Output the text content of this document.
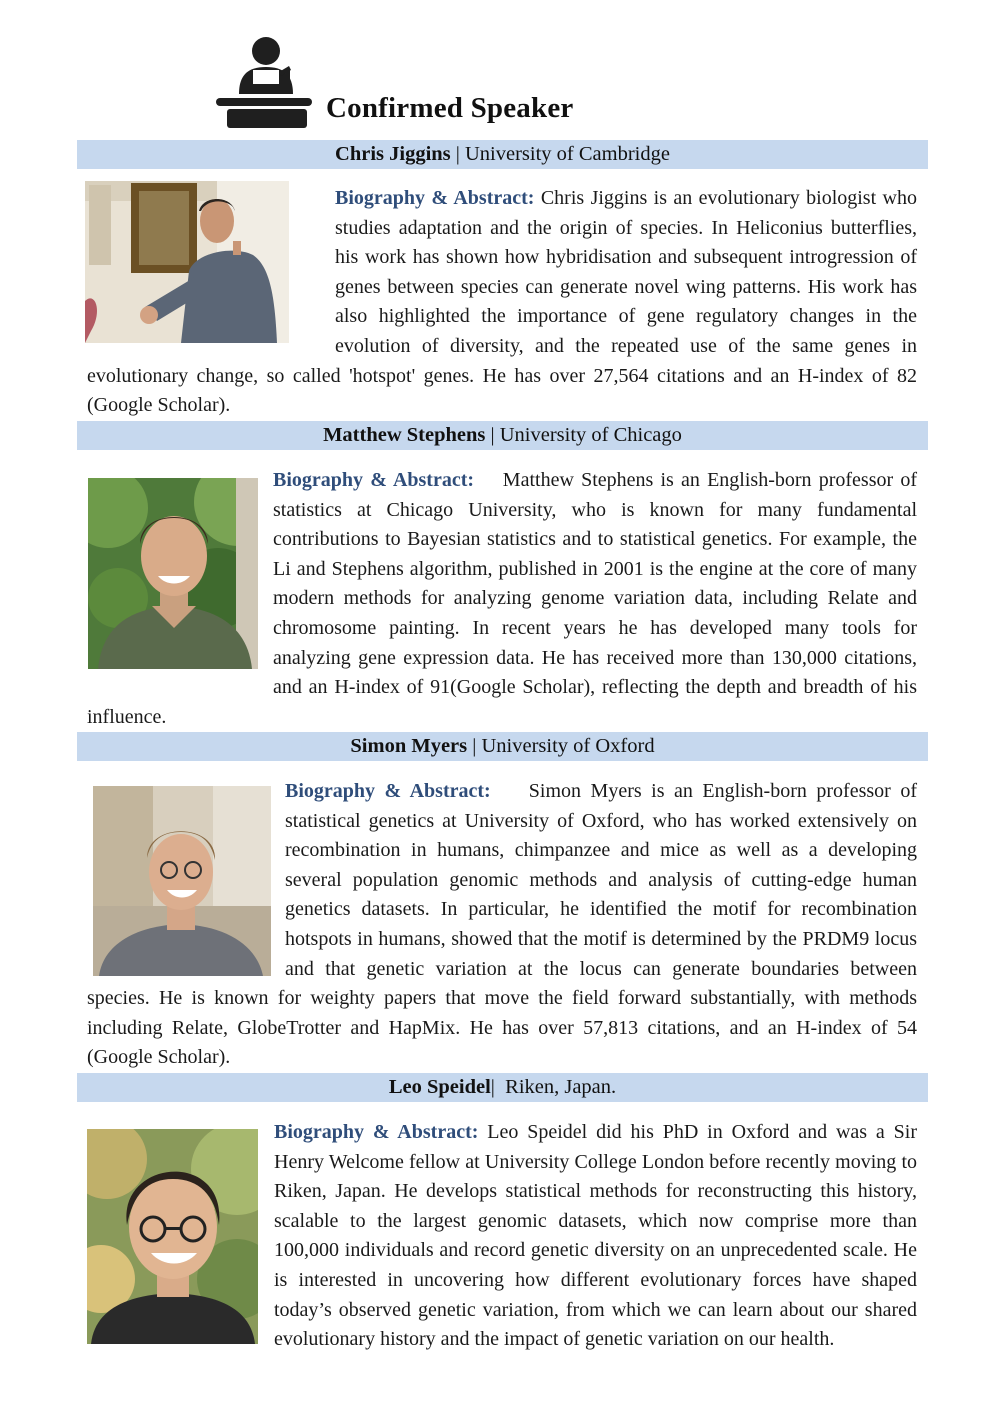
Confirmed Speaker
Chris Jiggins | University of Cambridge
Biography & Abstract: Chris Jiggins is an evolutionary biologist who studies adaptation and the origin of species. In Heliconius butterflies, his work has shown how hybridisation and subsequent introgression of genes between species can generate novel wing patterns. His work has also highlighted the importance of gene regulatory changes in the evolution of diversity, and the repeated use of the same genes in evolutionary change, so called 'hotspot' genes. He has over 27,564 citations and an H-index of 82 (Google Scholar).
Matthew Stephens | University of Chicago
Biography & Abstract:    Matthew Stephens is an English-born professor of statistics at Chicago University, who is known for many fundamental contributions to Bayesian statistics and to statistical genetics. For example, the Li and Stephens algorithm, published in 2001 is the engine at the core of many modern methods for analyzing genome variation data, including Relate and chromosome painting. In recent years he has developed many tools for analyzing gene expression data. He has received more than 130,000 citations, and an H-index of 91(Google Scholar), reflecting the depth and breadth of his influence.
Simon Myers | University of Oxford
Biography & Abstract:    Simon Myers is an English-born professor of statistical genetics at University of Oxford, who has worked extensively on recombination in humans, chimpanzee and mice as well as a developing several population genomic methods and analysis of cutting-edge human genetics datasets. In particular, he identified the motif for recombination hotspots in humans, showed that the motif is determined by the PRDM9 locus and that genetic variation at the locus can generate boundaries between species. He is known for weighty papers that move the field forward substantially, with methods including Relate, GlobeTrotter and HapMix. He has over 57,813 citations, and an H-index of 54 (Google Scholar).
Leo Speidel|  Riken, Japan.
Biography & Abstract: Leo Speidel did his PhD in Oxford and was a Sir Henry Welcome fellow at University College London before recently moving to Riken, Japan. He develops statistical methods for reconstructing this history, scalable to the largest genomic datasets, which now comprise more than 100,000 individuals and record genetic diversity on an unprecedented scale. He is interested in uncovering how different evolutionary forces have shaped today’s observed genetic variation, from which we can learn about our shared evolutionary history and the impact of genetic variation on our health.
